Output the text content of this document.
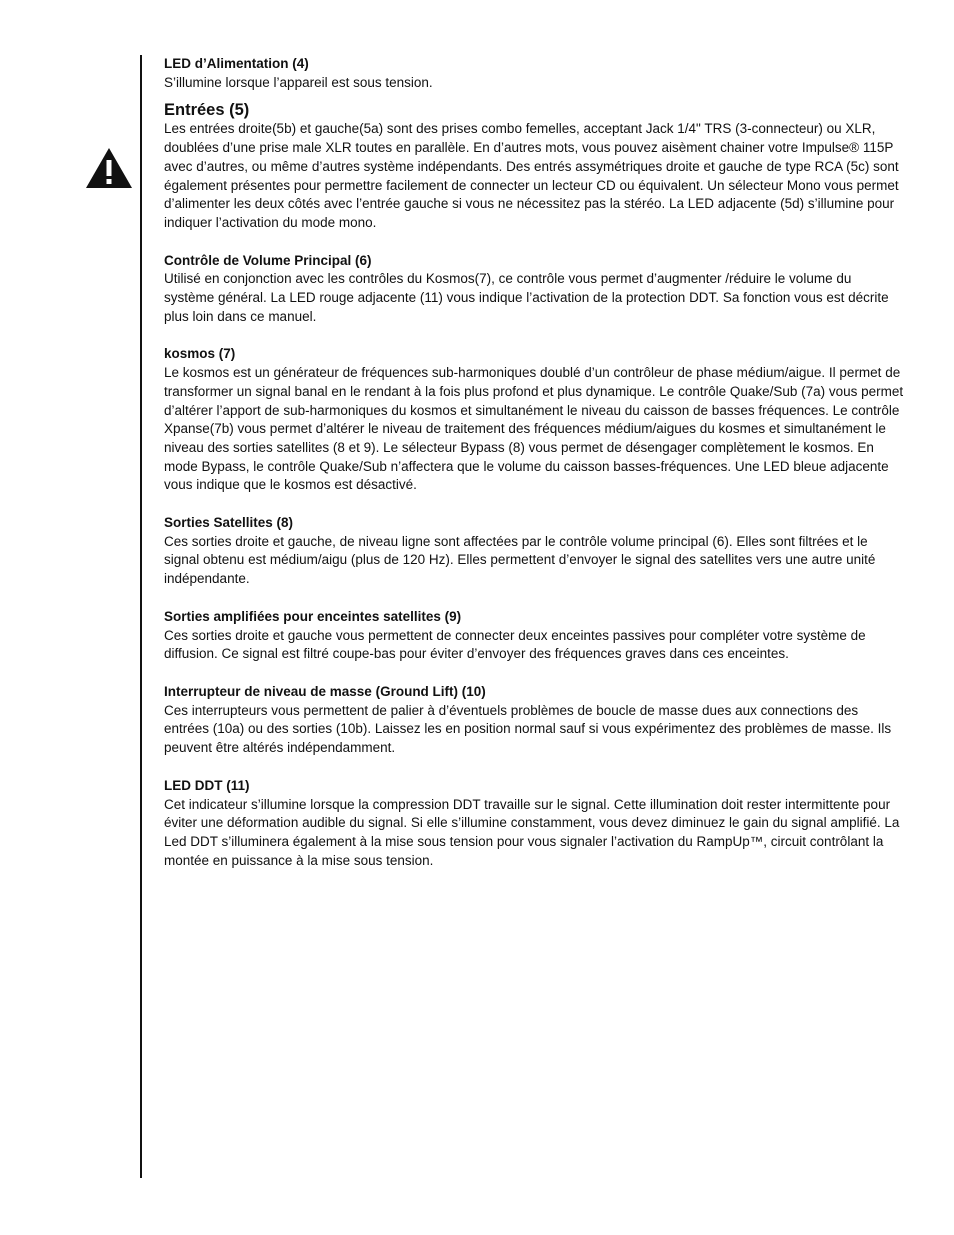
LED d’Alimentation (4)

S’illumine lorsque l’appareil est sous tension.

Entrées (5)

Les entrées droite(5b) et gauche(5a) sont des prises combo femelles, acceptant Jack 1/4" TRS (3-connecteur) ou XLR, doublées d’une prise male XLR toutes en parallèle. En d’autres mots, vous pouvez aisèment chainer votre Impulse® 115P avec d’autres, ou même d’autres système indépendants. Des entrés assymétriques droite et gauche de type RCA (5c) sont également présentes pour permettre facilement de connecter un lecteur CD ou équivalent. Un sélecteur Mono vous permet d’alimenter les deux côtés avec l’entrée gauche si vous ne nécessitez pas la stéréo. La LED adjacente (5d) s’illumine pour indiquer l’activation du mode mono.

Contrôle de Volume Principal (6)

Utilisé en conjonction avec les contrôles du Kosmos(7), ce contrôle vous permet d’augmenter /réduire le volume du système général. La LED rouge adjacente (11) vous indique l’activation de la protection DDT. Sa fonction vous est décrite plus loin dans ce manuel.

kosmos (7)

Le kosmos est un générateur de fréquences sub-harmoniques doublé d’un contrôleur de phase médium/aigue. Il permet de transformer un signal banal en le rendant à la fois plus profond et plus dynamique. Le contrôle Quake/Sub (7a) vous permet d’altérer l’apport de sub-harmoniques du kosmos et simultanément le niveau du caisson de basses fréquences. Le contrôle Xpanse(7b) vous permet d’altérer le niveau de traitement des fréquences médium/aigues du kosmes et simultanément le niveau des sorties satellites (8 et 9). Le sélecteur Bypass (8) vous permet de désengager complètement le kosmos. En mode Bypass, le contrôle Quake/Sub n’affectera que le volume du caisson basses-fréquences. Une LED bleue adjacente vous indique que le kosmos est désactivé.

Sorties Satellites (8)

Ces sorties droite et gauche, de niveau ligne sont affectées par le contrôle volume principal (6). Elles sont filtrées et le signal obtenu est médium/aigu (plus de 120 Hz). Elles permettent d’envoyer le signal des satellites vers une autre unité indépendante.

Sorties amplifiées pour enceintes satellites (9)

Ces sorties droite et gauche vous permettent de connecter deux enceintes passives pour compléter votre système de diffusion. Ce signal est filtré coupe-bas pour éviter d’envoyer des fréquences graves dans ces enceintes.

Interrupteur de niveau de masse (Ground Lift) (10)

Ces interrupteurs vous permettent de palier à d’éventuels problèmes de boucle de masse dues aux connections des entrées (10a) ou des sorties (10b). Laissez les en position normal sauf si vous expérimentez des problèmes de masse. Ils peuvent être altérés indépendamment.

LED DDT (11)

Cet indicateur s’illumine lorsque la compression DDT travaille sur le signal. Cette illumination doit rester intermittente pour éviter une déformation audible du signal. Si elle s’illumine constamment, vous devez diminuez le gain du signal amplifié. La Led DDT s’illuminera également à la mise sous tension pour vous signaler l’activation du RampUp™, circuit contrôlant la montée en puissance à la mise sous tension.
